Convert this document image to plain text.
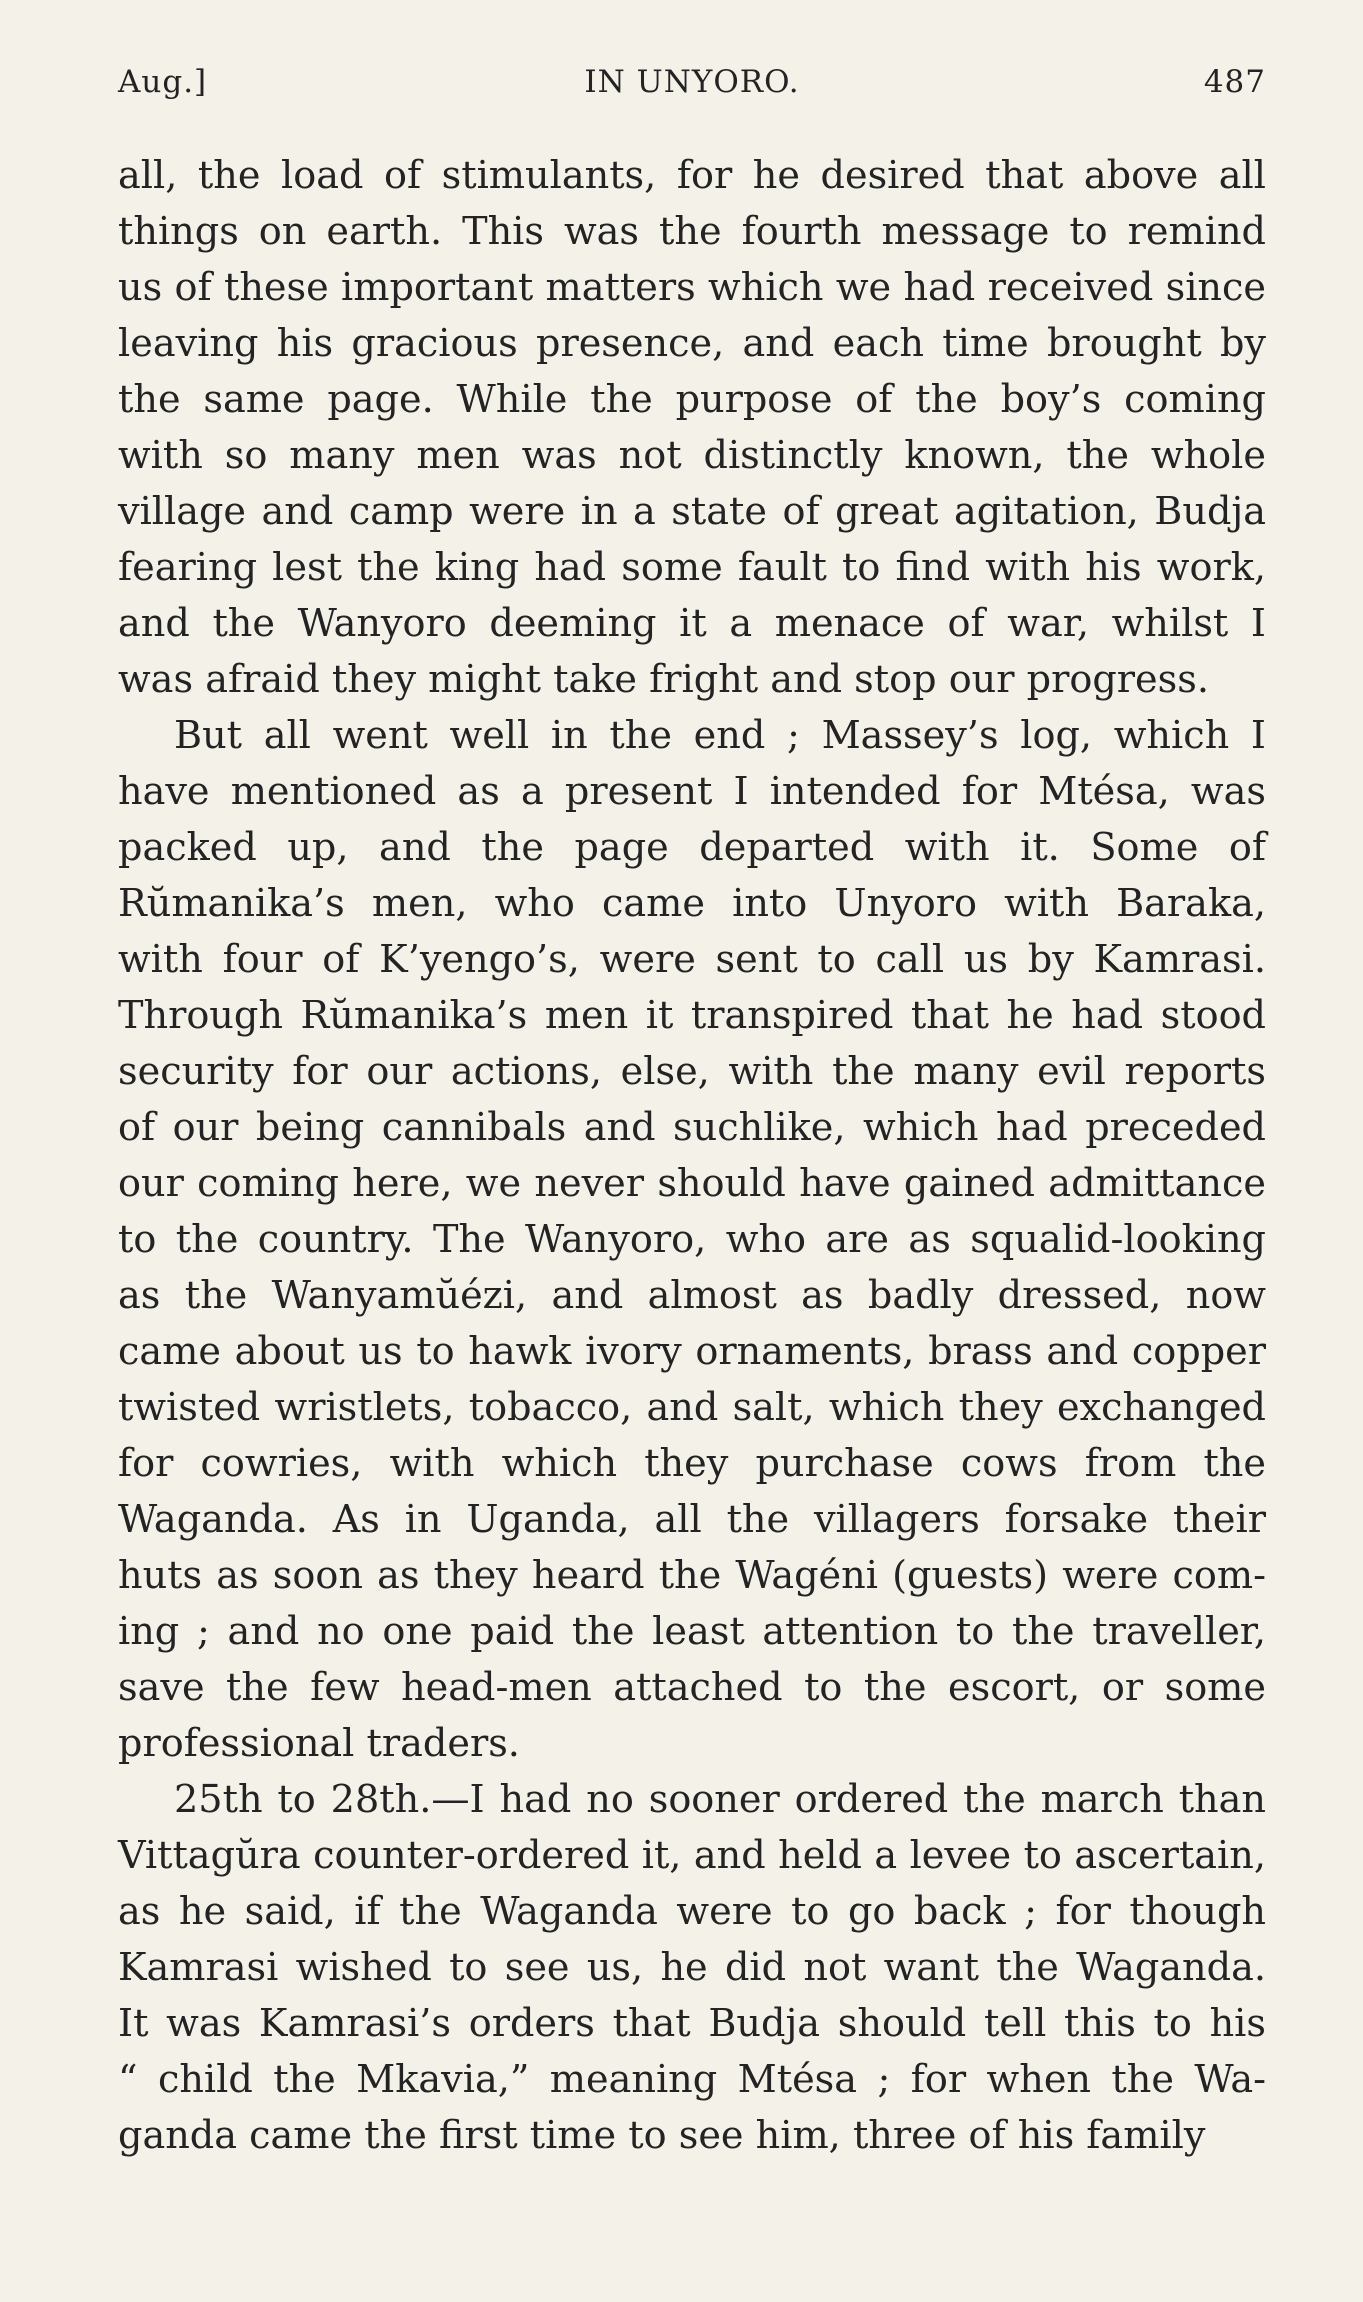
Aug.]	IN UNYORO.	487
all, the load of stimulants, for he desired that above all
things on earth. This was the fourth message to remind
us of these important matters which we had received since
leaving his gracious presence, and each time brought by
the same page. While the purpose of the boy’s coming
with so many men was not distinctly known, the whole
village and camp were in a state of great agitation, Budja
fearing lest the king had some fault to find with his work,
and the Wanyoro deeming it a menace of war, whilst I
was afraid they might take fright and stop our progress.
But all went well in the end ; Massey’s log, which I
have mentioned as a present I intended for Mtésa, was
packed up, and the page departed with it. Some of
Rŭmanika’s men, who came into Unyoro with Baraka,
with four of K’yengo’s, were sent to call us by Kamrasi.
Through Rŭmanika’s men it transpired that he had stood
security for our actions, else, with the many evil reports
of our being cannibals and suchlike, which had preceded
our coming here, we never should have gained admittance
to the country. The Wanyoro, who are as squalid-looking
as the Wanyamŭézi, and almost as badly dressed, now
came about us to hawk ivory ornaments, brass and copper
twisted wristlets, tobacco, and salt, which they exchanged
for cowries, with which they purchase cows from the
Waganda. As in Uganda, all the villagers forsake their
huts as soon as they heard the Wagéni (guests) were com-
ing ; and no one paid the least attention to the traveller,
save the few head-men attached to the escort, or some
professional traders.
25th to 28th.—I had no sooner ordered the march than
Vittagŭra counter-ordered it, and held a levee to ascertain,
as he said, if the Waganda were to go back ; for though
Kamrasi wished to see us, he did not want the Waganda.
It was Kamrasi’s orders that Budja should tell this to his
“ child the Mkavia,” meaning Mtésa ; for when the Wa-
ganda came the first time to see him, three of his family
